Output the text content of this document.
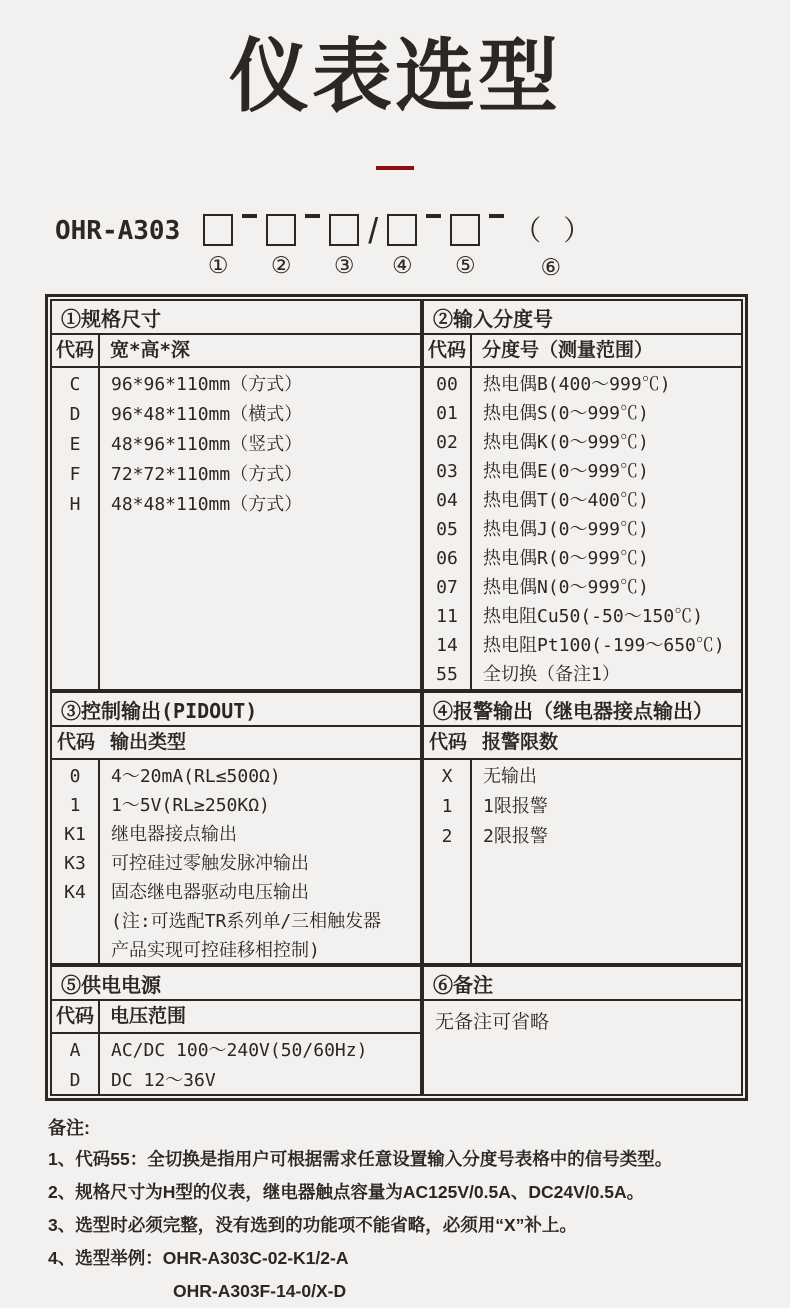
仪表选型
OHR-A303
① ② ③
/
④ ⑤
（　）
⑥
①规格尺寸
代码 宽*高*深
C
D
E
F
H
96*96*110mm（方式）
96*48*110mm（横式）
48*96*110mm（竖式）
72*72*110mm（方式）
48*48*110mm（方式）
②输入分度号
代码 分度号（测量范围）
00
01
02
03
04
05
06
07
11
14
55
热电偶B(400～999℃)
热电偶S(0～999℃)
热电偶K(0～999℃)
热电偶E(0～999℃)
热电偶T(0～400℃)
热电偶J(0～999℃)
热电偶R(0～999℃)
热电偶N(0～999℃)
热电阻Cu50(-50～150℃)
热电阻Pt100(-199～650℃)
全切换（备注1）
③控制输出(PIDOUT)
代码 输出类型
0
1
K1
K3
K4
4～20mA(RL≤500Ω)
1～5V(RL≥250KΩ)
继电器接点输出
可控硅过零触发脉冲输出
固态继电器驱动电压输出
(注:可选配TR系列单/三相触发器
产品实现可控硅移相控制)
④报警输出（继电器接点输出）
代码 报警限数
X
1
2
无输出
1限报警
2限报警
⑤供电电源
代码 电压范围
A
D
AC/DC 100～240V(50/60Hz)
DC 12～36V
⑥备注
无备注可省略
备注:
1、代码55：全切换是指用户可根据需求任意设置输入分度号表格中的信号类型。
2、规格尺寸为H型的仪表，继电器触点容量为AC125V/0.5A、DC24V/0.5A。
3、选型时必须完整，没有选到的功能项不能省略，必须用“X”补上。
4、选型举例：OHR-A303C-02-K1/2-A
OHR-A303F-14-0/X-D
